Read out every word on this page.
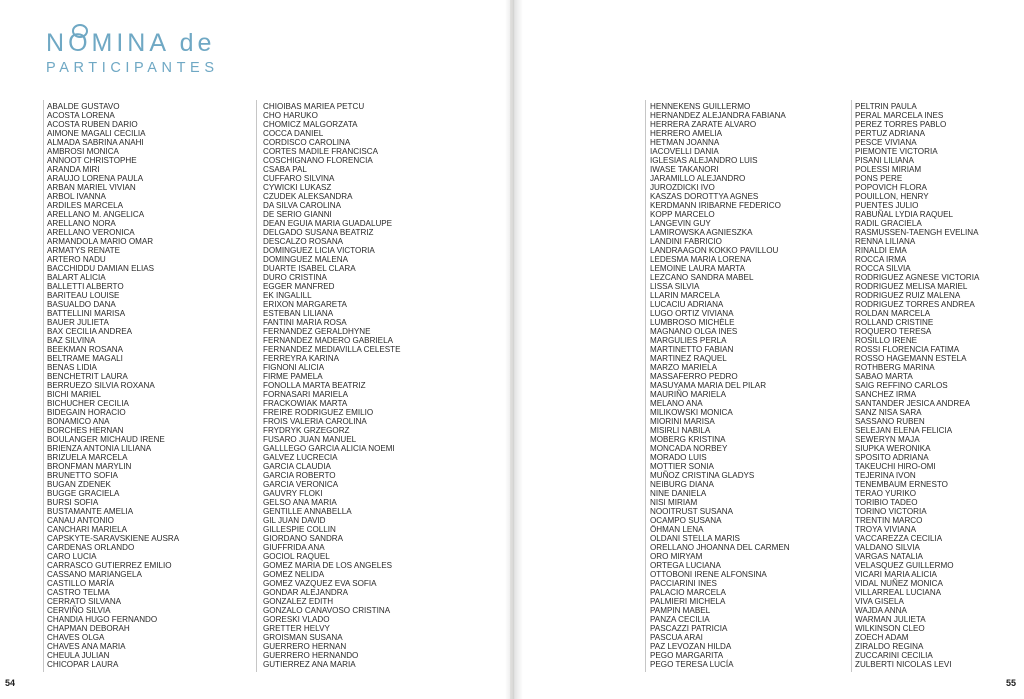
NOMINA de
PARTICIPANTES
ABALDE GUSTAVO
ACOSTA LORENA
ACOSTA RUBEN DARIO
AIMONE MAGALI CECILIA
ALMADA SABRINA ANAHI
AMBROSI MONICA
ANNOOT CHRISTOPHE
ARANDA MIRI
ARAUJO LORENA PAULA
ARBAN MARIEL VIVIAN
ARBOL IVANNA
ARDILES MARCELA
ARELLANO M. ANGELICA
ARELLANO NORA
ARELLANO VERONICA
ARMANDOLA MARIO OMAR
ARMATYS RENATE
ARTERO NADU
BACCHIDDU DAMIAN ELIAS
BALART ALICIA
BALLETTI ALBERTO
BARITEAU LOUISE
BASUALDO DANA
BATTELLINI MARISA
BAUER JULIETA
BAX CECILIA ANDREA
BAZ SILVINA
BEEKMAN ROSANA
BELTRAME MAGALI
BENAS LIDIA
BENCHETRIT LAURA
BERRUEZO SILVIA ROXANA
BICHI MARIEL
BICHUCHER CECILIA
BIDEGAIN HORACIO
BONAMICO ANA
BORCHES HERNAN
BOULANGER MICHAUD IRENE
BRIENZA ANTONIA LILIANA
BRIZUELA MARCELA
BRONFMAN MARYLIN
BRUNETTO SOFIA
BUGAN ZDENEK
BUGGE GRACIELA
BURSI SOFIA
BUSTAMANTE AMELIA
CANAU ANTONIO
CANCHARI MARIELA
CAPSKYTE-SARAVSKIENE AUSRA
CARDENAS ORLANDO
CARO LUCIA
CARRASCO GUTIERREZ EMILIO
CASSANO MARIANGELA
CASTILLO MARÍA
CASTRO TELMA
CERRATO SILVANA
CERVIÑO SILVIA
CHANDIA HUGO FERNANDO
CHAPMAN DEBORAH
CHAVES OLGA
CHAVES ANA MARIA
CHEULA JULIAN
CHICOPAR LAURA
CHIOIBAS MARIEA PETCU
CHO HARUKO
CHOMICZ MALGORZATA
COCCA DANIEL
CORDISCO CAROLINA
CORTES MADILE FRANCISCA
COSCHIGNANO FLORENCIA
CSABA PAL
CUFFARO SILVINA
CYWICKI LUKASZ
CZUDEK ALEKSANDRA
DA SILVA CAROLINA
DE SERIO GIANNI
DEAN EGUIA MARIA GUADALUPE
DELGADO SUSANA BEATRIZ
DESCALZO ROSANA
DOMINGUEZ LICIA VICTORIA
DOMINGUEZ MALENA
DUARTE ISABEL CLARA
DURO CRISTINA
EGGER MANFRED
EK INGALILL
ERIXON MARGARETA
ESTEBAN LILIANA
FANTINI MARIA ROSA
FERNANDEZ GERALDHYNE
FERNANDEZ MADERO GABRIELA
FERNANDEZ MEDIAVILLA CELESTE
FERREYRA KARINA
FIGNONI ALICIA
FIRME PAMELA
FONOLLA MARTA BEATRIZ
FORNASARI MARIELA
FRACKOWIAK MARTA
FREIRE RODRIGUEZ EMILIO
FROIS VALERIA CAROLINA
FRYDRYK GRZEGORZ
FUSARO JUAN MANUEL
GALLLEGO GARCIA ALICIA NOEMI
GALVEZ LUCRECIA
GARCIA CLAUDIA
GARCIA ROBERTO
GARCIA VERONICA
GAUVRY FLOKI
GELSO ANA MARIA
GENTILLE ANNABELLA
GIL JUAN DAVID
GILLESPIE COLLIN
GIORDANO SANDRA
GIUFFRIDA ANA
GOCIOL RAQUEL
GOMEZ MARIA DE LOS ANGELES
GOMEZ NELIDA
GOMEZ VAZQUEZ EVA SOFIA
GONDAR ALEJANDRA
GONZALEZ EDITH
GONZALO CANAVOSO CRISTINA
GORESKI VLADO
GRETTER HELVY
GROISMAN SUSANA
GUERRERO HERNAN
GUERRERO HERNANDO
GUTIERREZ ANA MARIA
HENNEKENS GUILLERMO
HERNANDEZ ALEJANDRA FABIANA
HERRERA ZARATE ALVARO
HERRERO AMELIA
HETMAN JOANNA
IACOVELLI DANIA
IGLESIAS ALEJANDRO LUIS
IWASE TAKANORI
JARAMILLO ALEJANDRO
JUROZDICKI IVO
KASZAS DOROTTYA AGNES
KERDMANN IRIBARNE FEDERICO
KOPP MARCELO
LANGEVIN GUY
LAMIROWSKA AGNIESZKA
LANDINI FABRICIO
LANDRAAGON KOKKO PAVILLOU
LEDESMA MARIA LORENA
LEMOINE LAURA MARTA
LEZCANO SANDRA MABEL
LISSA SILVIA
LLARIN MARCELA
LUCACIU ADRIANA
LUGO ORTIZ VIVIANA
LUMBROSO MICHÈLE
MAGNANO OLGA INES
MARGULIES PERLA
MARTINETTO FABIAN
MARTINEZ RAQUEL
MARZO MARIELA
MASSAFERRO PEDRO
MASUYAMA MARIA DEL PILAR
MAURIÑO MARIELA
MELANO ANA
MILIKOWSKI MONICA
MIORINI MARISA
MISIRLI NABILA
MOBERG KRISTINA
MONCADA NORBEY
MORADO LUIS
MOTTIER SONIA
MUÑOZ CRISTINA GLADYS
NEIBURG DIANA
NINE DANIELA
NISI MIRIAM
NOOITRUST SUSANA
OCAMPO SUSANA
ÖHMAN LENA
OLDANI STELLA MARIS
ORELLANO JHOANNA DEL CARMEN
ORO MIRYAM
ORTEGA LUCIANA
OTTOBONI IRENE ALFONSINA
PACCIARINI INES
PALACIO MARCELA
PALMIERI MICHELA
PAMPIN MABEL
PANZA CECILIA
PASCAZZI PATRICIA
PASCUA ARAI
PAZ LEVOZAN HILDA
PEGO MARGARITA
PEGO TERESA LUCÍA
PELTRIN PAULA
PERAL MARCELA INES
PEREZ TORRES PABLO
PERTUZ ADRIANA
PESCE VIVIANA
PIEMONTE VICTORIA
PISANI LILIANA
POLESSI MIRIAM
PONS PERE
POPOVICH FLORA
POUILLON, HENRY
PUENTES JULIO
RABUÑAL LYDIA RAQUEL
RADIL GRACIELA
RASMUSSEN-TAENGH EVELINA
RENNA LILIANA
RINALDI EMA
ROCCA IRMA
ROCCA SILVIA
RODRIGUEZ AGNESE VICTORIA
RODRIGUEZ MELISA MARIEL
RODRIGUEZ RUIZ MALENA
RODRIGUEZ TORRES ANDREA
ROLDAN MARCELA
ROLLAND CRISTINE
ROQUERO TERESA
ROSILLO IRENE
ROSSI FLORENCIA FATIMA
ROSSO HAGEMANN ESTELA
ROTHBERG MARINA
SABAO MARTA
SAIG REFFINO CARLOS
SANCHEZ IRMA
SANTANDER JESICA ANDREA
SANZ NISA SARA
SASSANO RUBEN
SELEJAN ELENA FELICIA
SEWERYN MAJA
SIUPKA WERONIKA
SPOSITO ADRIANA
TAKEUCHI HIRO-OMI
TEJERINA IVON
TENEMBAUM ERNESTO
TERAO YURIKO
TORIBIO TADEO
TORINO VICTORIA
TRENTIN MARCO
TROYA VIVIANA
VACCAREZZA CECILIA
VALDANO SILVIA
VARGAS NATALIA
VELASQUEZ GUILLERMO
VICARI MARIA ALICIA
VIDAL NUÑEZ MONICA
VILLARREAL LUCIANA
VIVA GISELA
WAJDA ANNA
WARMAN JULIETA
WILKINSON CLEO
ZOECH ADAM
ZIRALDO REGINA
ZUCCARINI CECILIA
ZULBERTI NICOLAS LEVI
54	55
